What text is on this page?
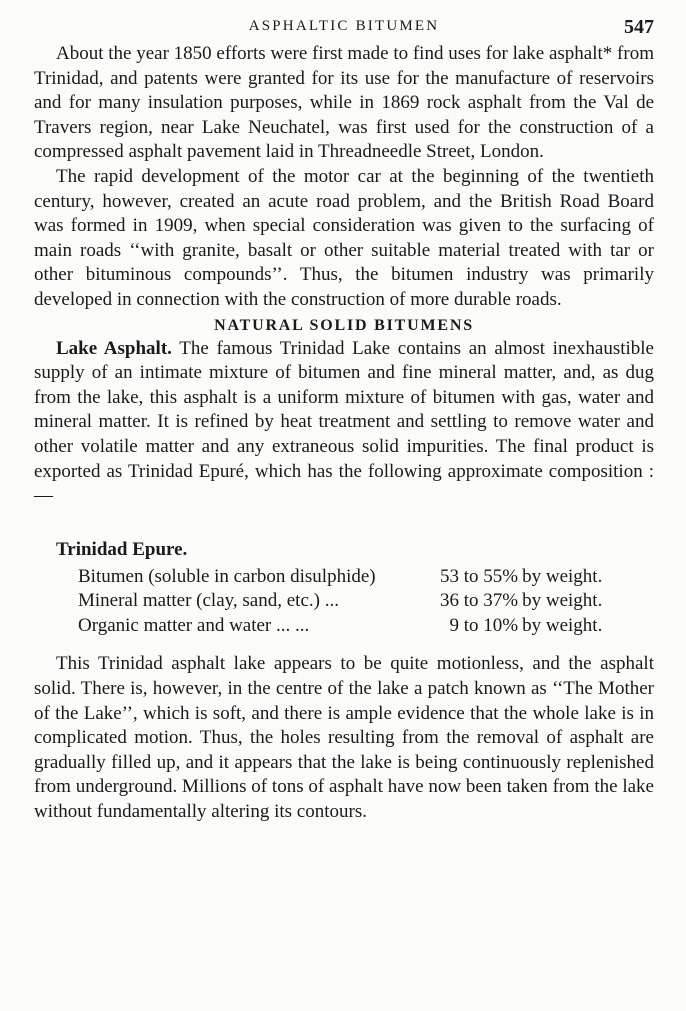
ASPHALTIC BITUMEN	547

About the year 1850 efforts were first made to find uses for lake asphalt* from Trinidad, and patents were granted for its use for the manufacture of reservoirs and for many insulation purposes, while in 1869 rock asphalt from the Val de Travers region, near Lake Neuchatel, was first used for the construction of a compressed asphalt pavement laid in Threadneedle Street, London.

The rapid development of the motor car at the beginning of the twentieth century, however, created an acute road problem, and the British Road Board was formed in 1909, when special consideration was given to the surfacing of main roads ‘‘with granite, basalt or other suitable material treated with tar or other bituminous compounds’’. Thus, the bitumen industry was primarily developed in connection with the construction of more durable roads.

NATURAL SOLID BITUMENS

Lake Asphalt. The famous Trinidad Lake contains an almost inexhaustible supply of an intimate mixture of bitumen and fine mineral matter, and, as dug from the lake, this asphalt is a uniform mixture of bitumen with gas, water and mineral matter. It is refined by heat treatment and settling to remove water and other volatile matter and any extraneous solid impurities. The final product is exported as Trinidad Epuré, which has the following approximate composition :—

Trinidad Epure.
Bitumen (soluble in carbon disulphide)	53 to 55%	by weight.
Mineral matter (clay, sand, etc.) ...	36 to 37%	by weight.
Organic matter and water ... ...	9 to 10%	by weight.

This Trinidad asphalt lake appears to be quite motionless, and the asphalt solid. There is, however, in the centre of the lake a patch known as ‘‘The Mother of the Lake’’, which is soft, and there is ample evidence that the whole lake is in complicated motion. Thus, the holes resulting from the removal of asphalt are gradually filled up, and it appears that the lake is being continuously replenished from underground. Millions of tons of asphalt have now been taken from the lake without fundamentally altering its contours.
